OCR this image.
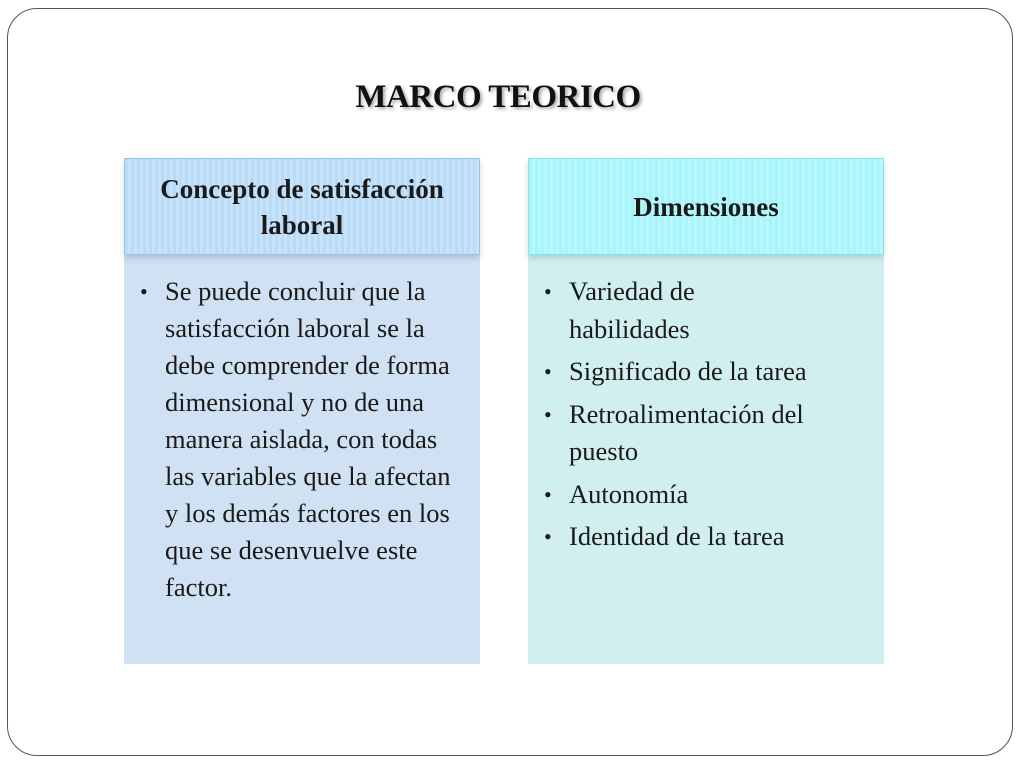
MARCO TEORICO
Concepto de satisfacción laboral
• Se puede concluir que la satisfacción laboral se la debe comprender de forma dimensional y no de una manera aislada, con todas las variables que la afectan y los demás factores en los que se desenvuelve este factor.
Dimensiones
• Variedad de habilidades
• Significado de la tarea
• Retroalimentación del puesto
• Autonomía
• Identidad de la tarea
